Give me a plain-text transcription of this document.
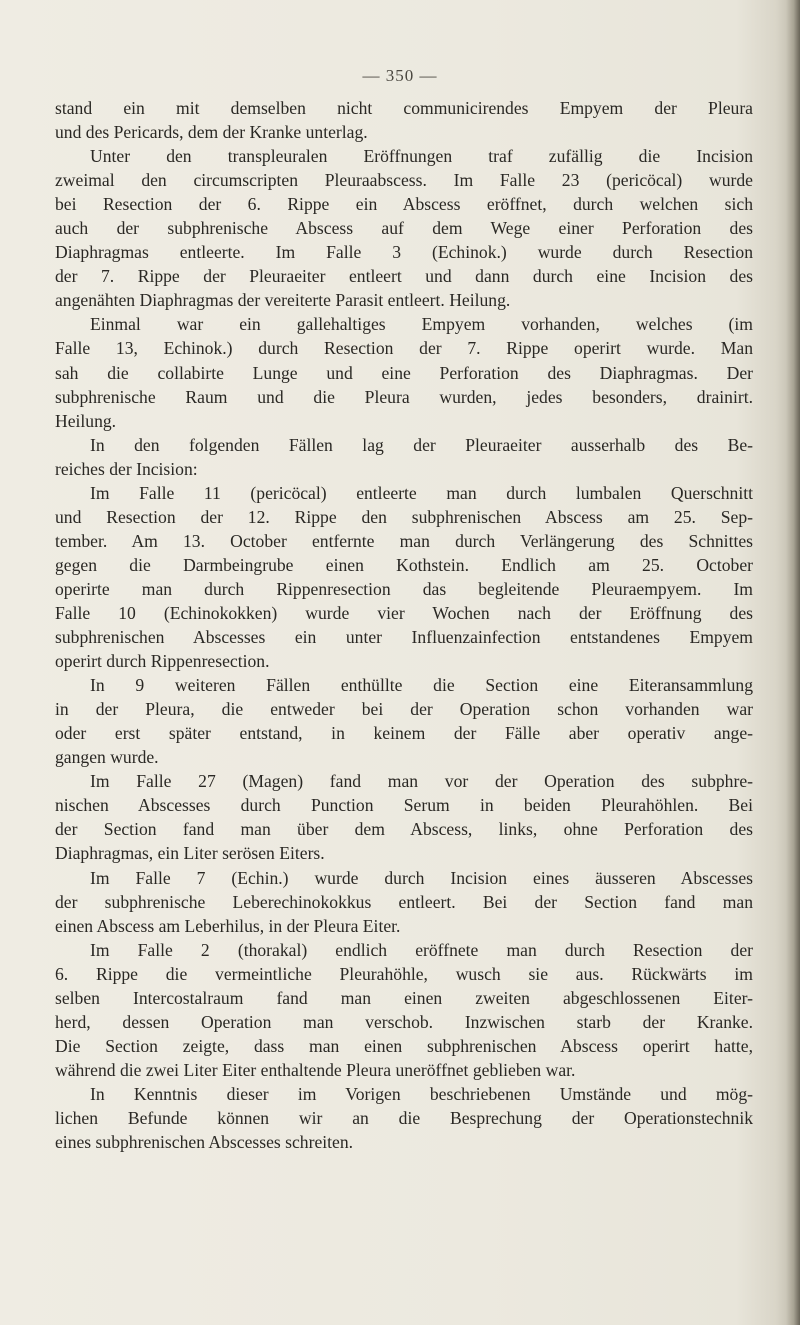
— 350 —
stand ein mit demselben nicht communicirendes Empyem der Pleura
und des Pericards, dem der Kranke unterlag.
Unter den transpleuralen Eröffnungen traf zufällig die Incision
zweimal den circumscripten Pleuraabscess. Im Falle 23 (pericöcal) wurde
bei Resection der 6. Rippe ein Abscess eröffnet, durch welchen sich
auch der subphrenische Abscess auf dem Wege einer Perforation des
Diaphragmas entleerte. Im Falle 3 (Echinok.) wurde durch Resection
der 7. Rippe der Pleuraeiter entleert und dann durch eine Incision des
angenähten Diaphragmas der vereiterte Parasit entleert. Heilung.
Einmal war ein gallehaltiges Empyem vorhanden, welches (im
Falle 13, Echinok.) durch Resection der 7. Rippe operirt wurde. Man
sah die collabirte Lunge und eine Perforation des Diaphragmas. Der
subphrenische Raum und die Pleura wurden, jedes besonders, drainirt.
Heilung.
In den folgenden Fällen lag der Pleuraeiter ausserhalb des Be-
reiches der Incision:
Im Falle 11 (pericöcal) entleerte man durch lumbalen Querschnitt
und Resection der 12. Rippe den subphrenischen Abscess am 25. Sep-
tember. Am 13. October entfernte man durch Verlängerung des Schnittes
gegen die Darmbeingrube einen Kothstein. Endlich am 25. October
operirte man durch Rippenresection das begleitende Pleuraempyem. Im
Falle 10 (Echinokokken) wurde vier Wochen nach der Eröffnung des
subphrenischen Abscesses ein unter Influenzainfection entstandenes Empyem
operirt durch Rippenresection.
In 9 weiteren Fällen enthüllte die Section eine Eiteransammlung
in der Pleura, die entweder bei der Operation schon vorhanden war
oder erst später entstand, in keinem der Fälle aber operativ ange-
gangen wurde.
Im Falle 27 (Magen) fand man vor der Operation des subphre-
nischen Abscesses durch Punction Serum in beiden Pleurahöhlen. Bei
der Section fand man über dem Abscess, links, ohne Perforation des
Diaphragmas, ein Liter serösen Eiters.
Im Falle 7 (Echin.) wurde durch Incision eines äusseren Abscesses
der subphrenische Leberechinokokkus entleert. Bei der Section fand man
einen Abscess am Leberhilus, in der Pleura Eiter.
Im Falle 2 (thorakal) endlich eröffnete man durch Resection der
6. Rippe die vermeintliche Pleurahöhle, wusch sie aus. Rückwärts im
selben Intercostalraum fand man einen zweiten abgeschlossenen Eiter-
herd, dessen Operation man verschob. Inzwischen starb der Kranke.
Die Section zeigte, dass man einen subphrenischen Abscess operirt hatte,
während die zwei Liter Eiter enthaltende Pleura uneröffnet geblieben war.
In Kenntnis dieser im Vorigen beschriebenen Umstände und mög-
lichen Befunde können wir an die Besprechung der Operationstechnik
eines subphrenischen Abscesses schreiten.
